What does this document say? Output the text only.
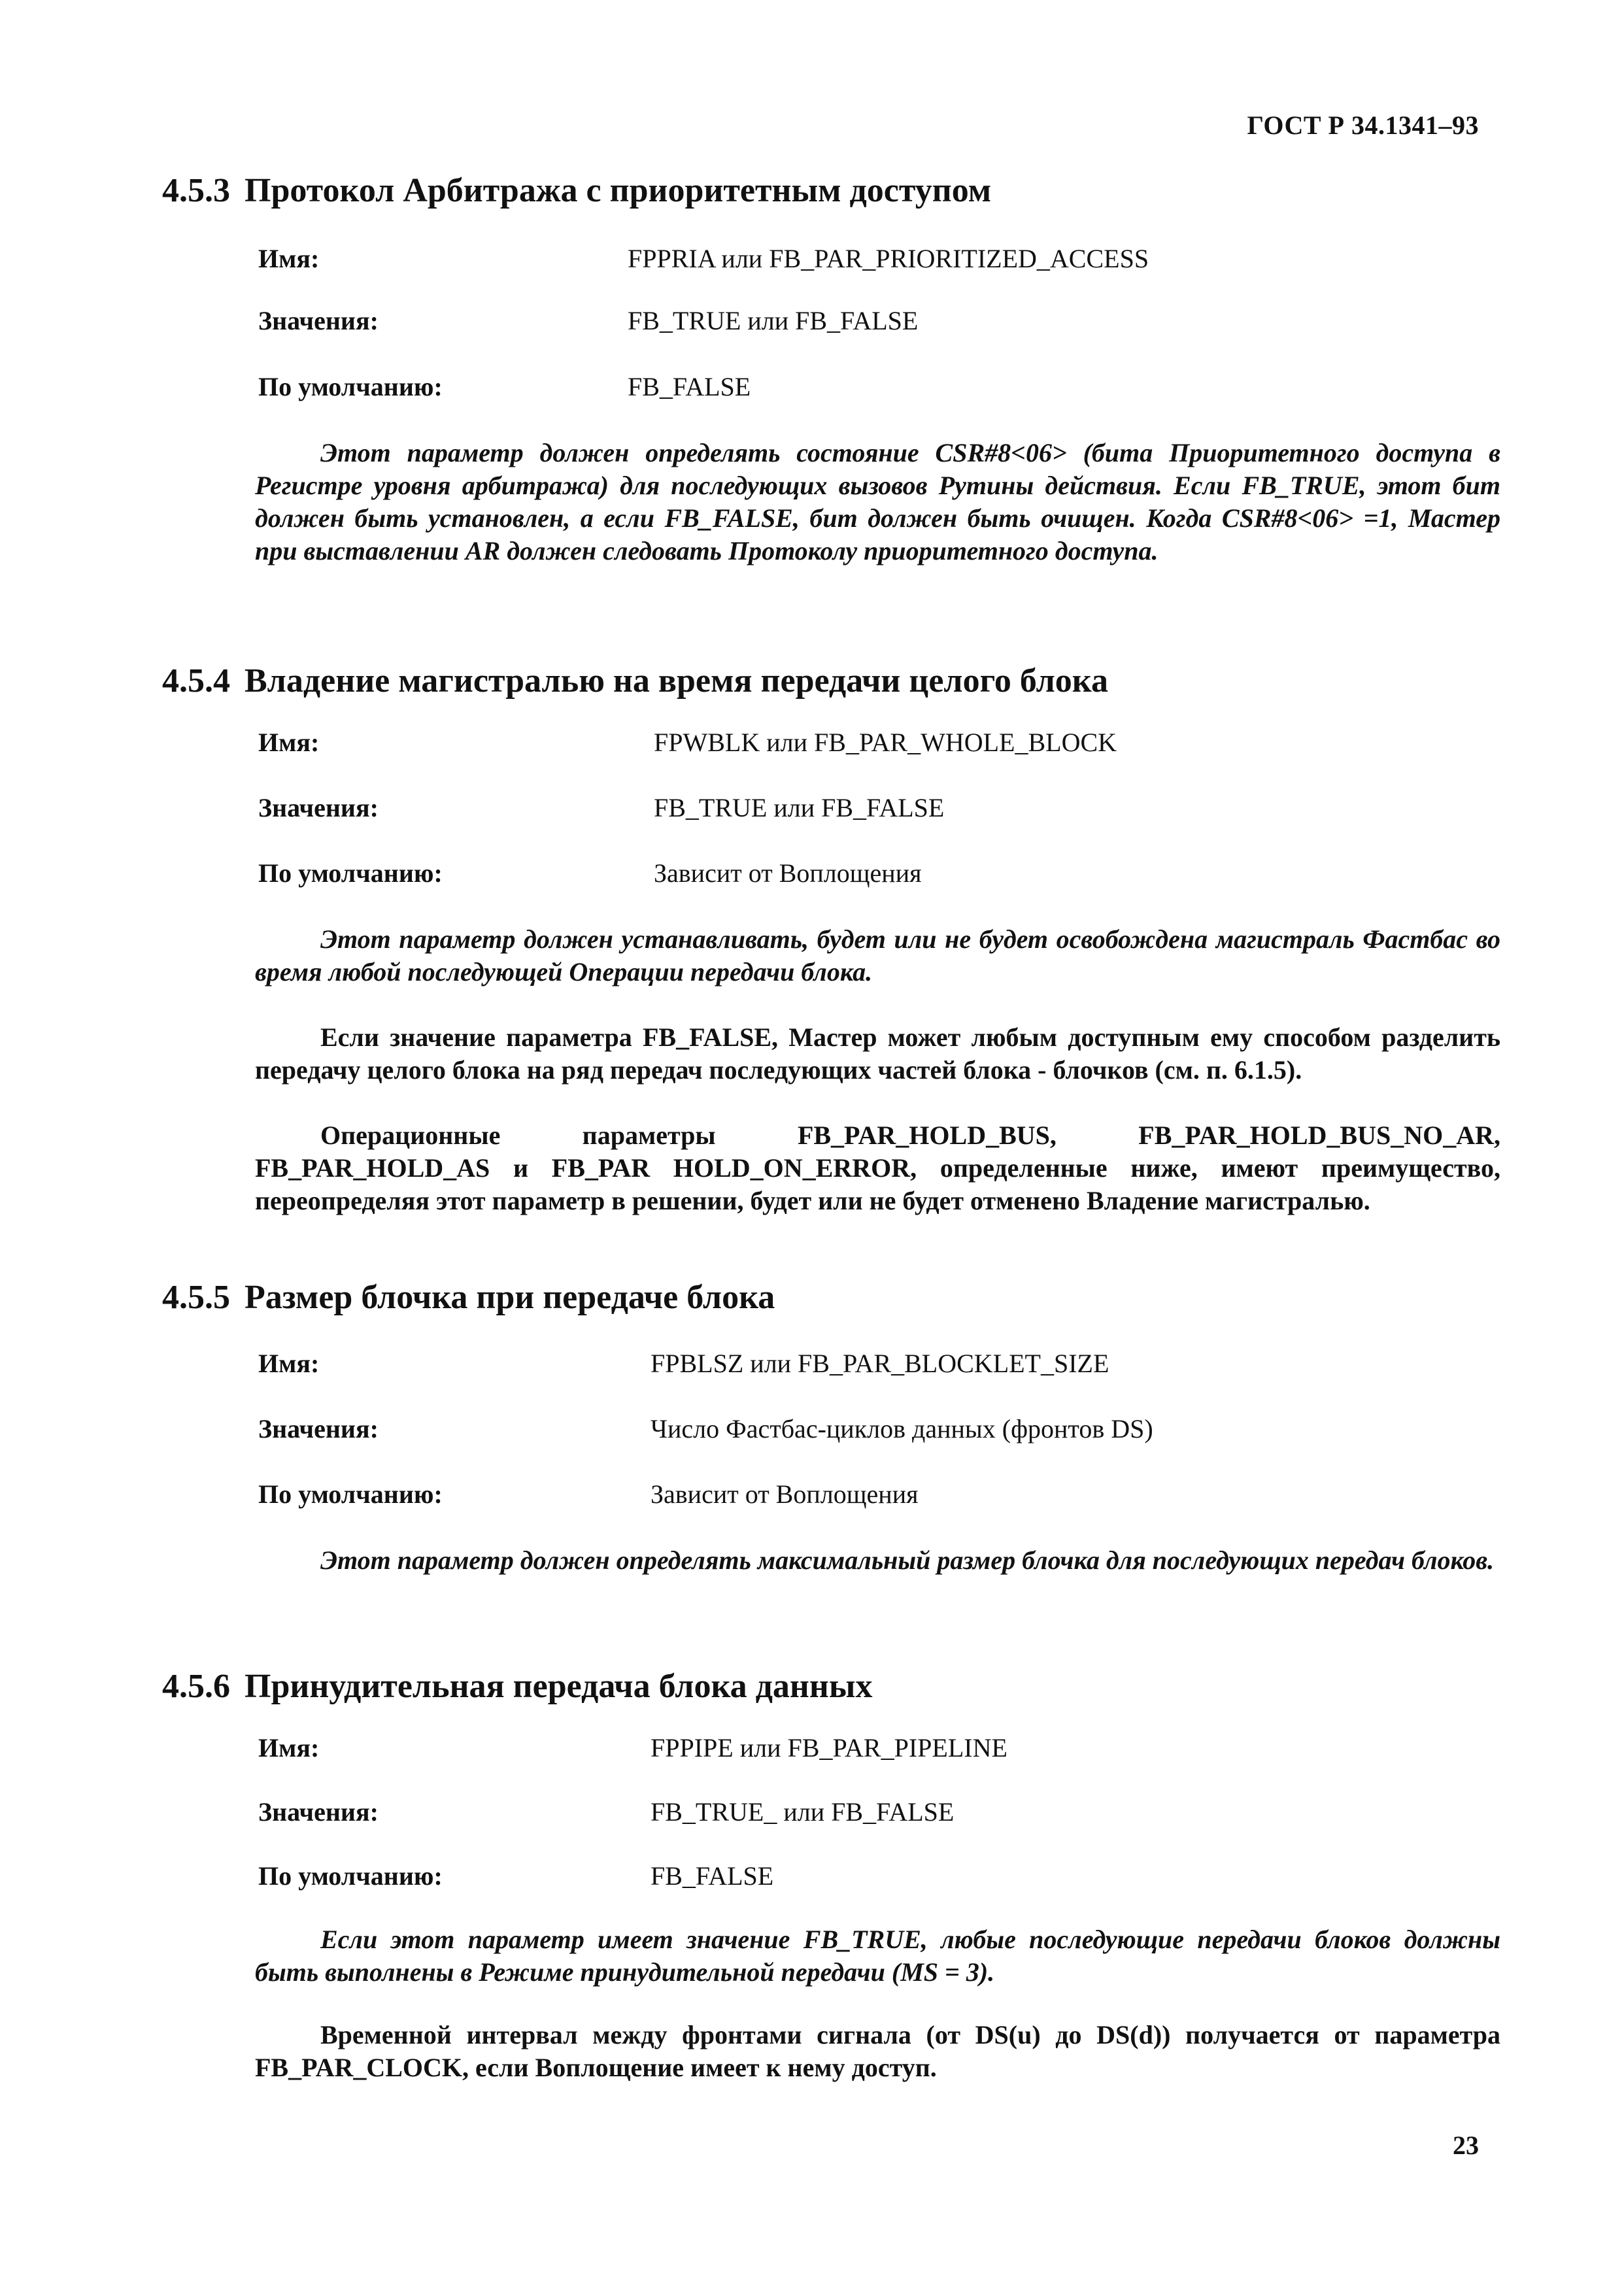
ГОСТ Р 34.1341–93
4.5.3 Протокол Арбитража с приоритетным доступом
Имя:	FPPRIA или FB_PAR_PRIORITIZED_ACCESS
Значения:	FB_TRUE или FB_FALSE
По умолчанию:	FB_FALSE

Этот параметр должен определять состояние CSR#8<06> (бита Приоритетного доступа в Регистре уровня арбитража) для последующих вызовов Рутины действия. Если FB_TRUE, этот бит должен быть установлен, а если FB_FALSE, бит должен быть очищен. Когда CSR#8<06> =1, Мастер при выставлении AR должен следовать Протоколу приоритетного доступа.

4.5.4 Владение магистралью на время передачи целого блока
Имя:	FPWBLK или FB_PAR_WHOLE_BLOCK
Значения:	FB_TRUE или FB_FALSE
По умолчанию:	Зависит от Воплощения

Этот параметр должен устанавливать, будет или не будет освобождена магистраль Фастбас во время любой последующей Операции передачи блока.

Если значение параметра FB_FALSE, Мастер может любым доступным ему способом разделить передачу целого блока на ряд передач последующих частей блока - блочков (см. п. 6.1.5).

Операционные параметры FB_PAR_HOLD_BUS, FB_PAR_HOLD_BUS_NO_AR, FB_PAR_HOLD_AS и FB_PAR HOLD_ON_ERROR, определенные ниже, имеют преимущество, переопределяя этот параметр в решении, будет или не будет отменено Владение магистралью.

4.5.5 Размер блочка при передаче блока
Имя:	FPBLSZ или FB_PAR_BLOCKLET_SIZE
Значения:	Число Фастбас-циклов данных (фронтов DS)
По умолчанию:	Зависит от Воплощения

Этот параметр должен определять максимальный размер блочка для последующих передач блоков.

4.5.6 Принудительная передача блока данных
Имя:	FPPIPE или FB_PAR_PIPELINE
Значения:	FB_TRUE_ или FB_FALSE
По умолчанию:	FB_FALSE

Если этот параметр имеет значение FB_TRUE, любые последующие передачи блоков должны быть выполнены в Режиме принудительной передачи (MS = 3).

Временной интервал между фронтами сигнала (от DS(u) до DS(d)) получается от параметра FB_PAR_CLOCK, если Воплощение имеет к нему доступ.

23
